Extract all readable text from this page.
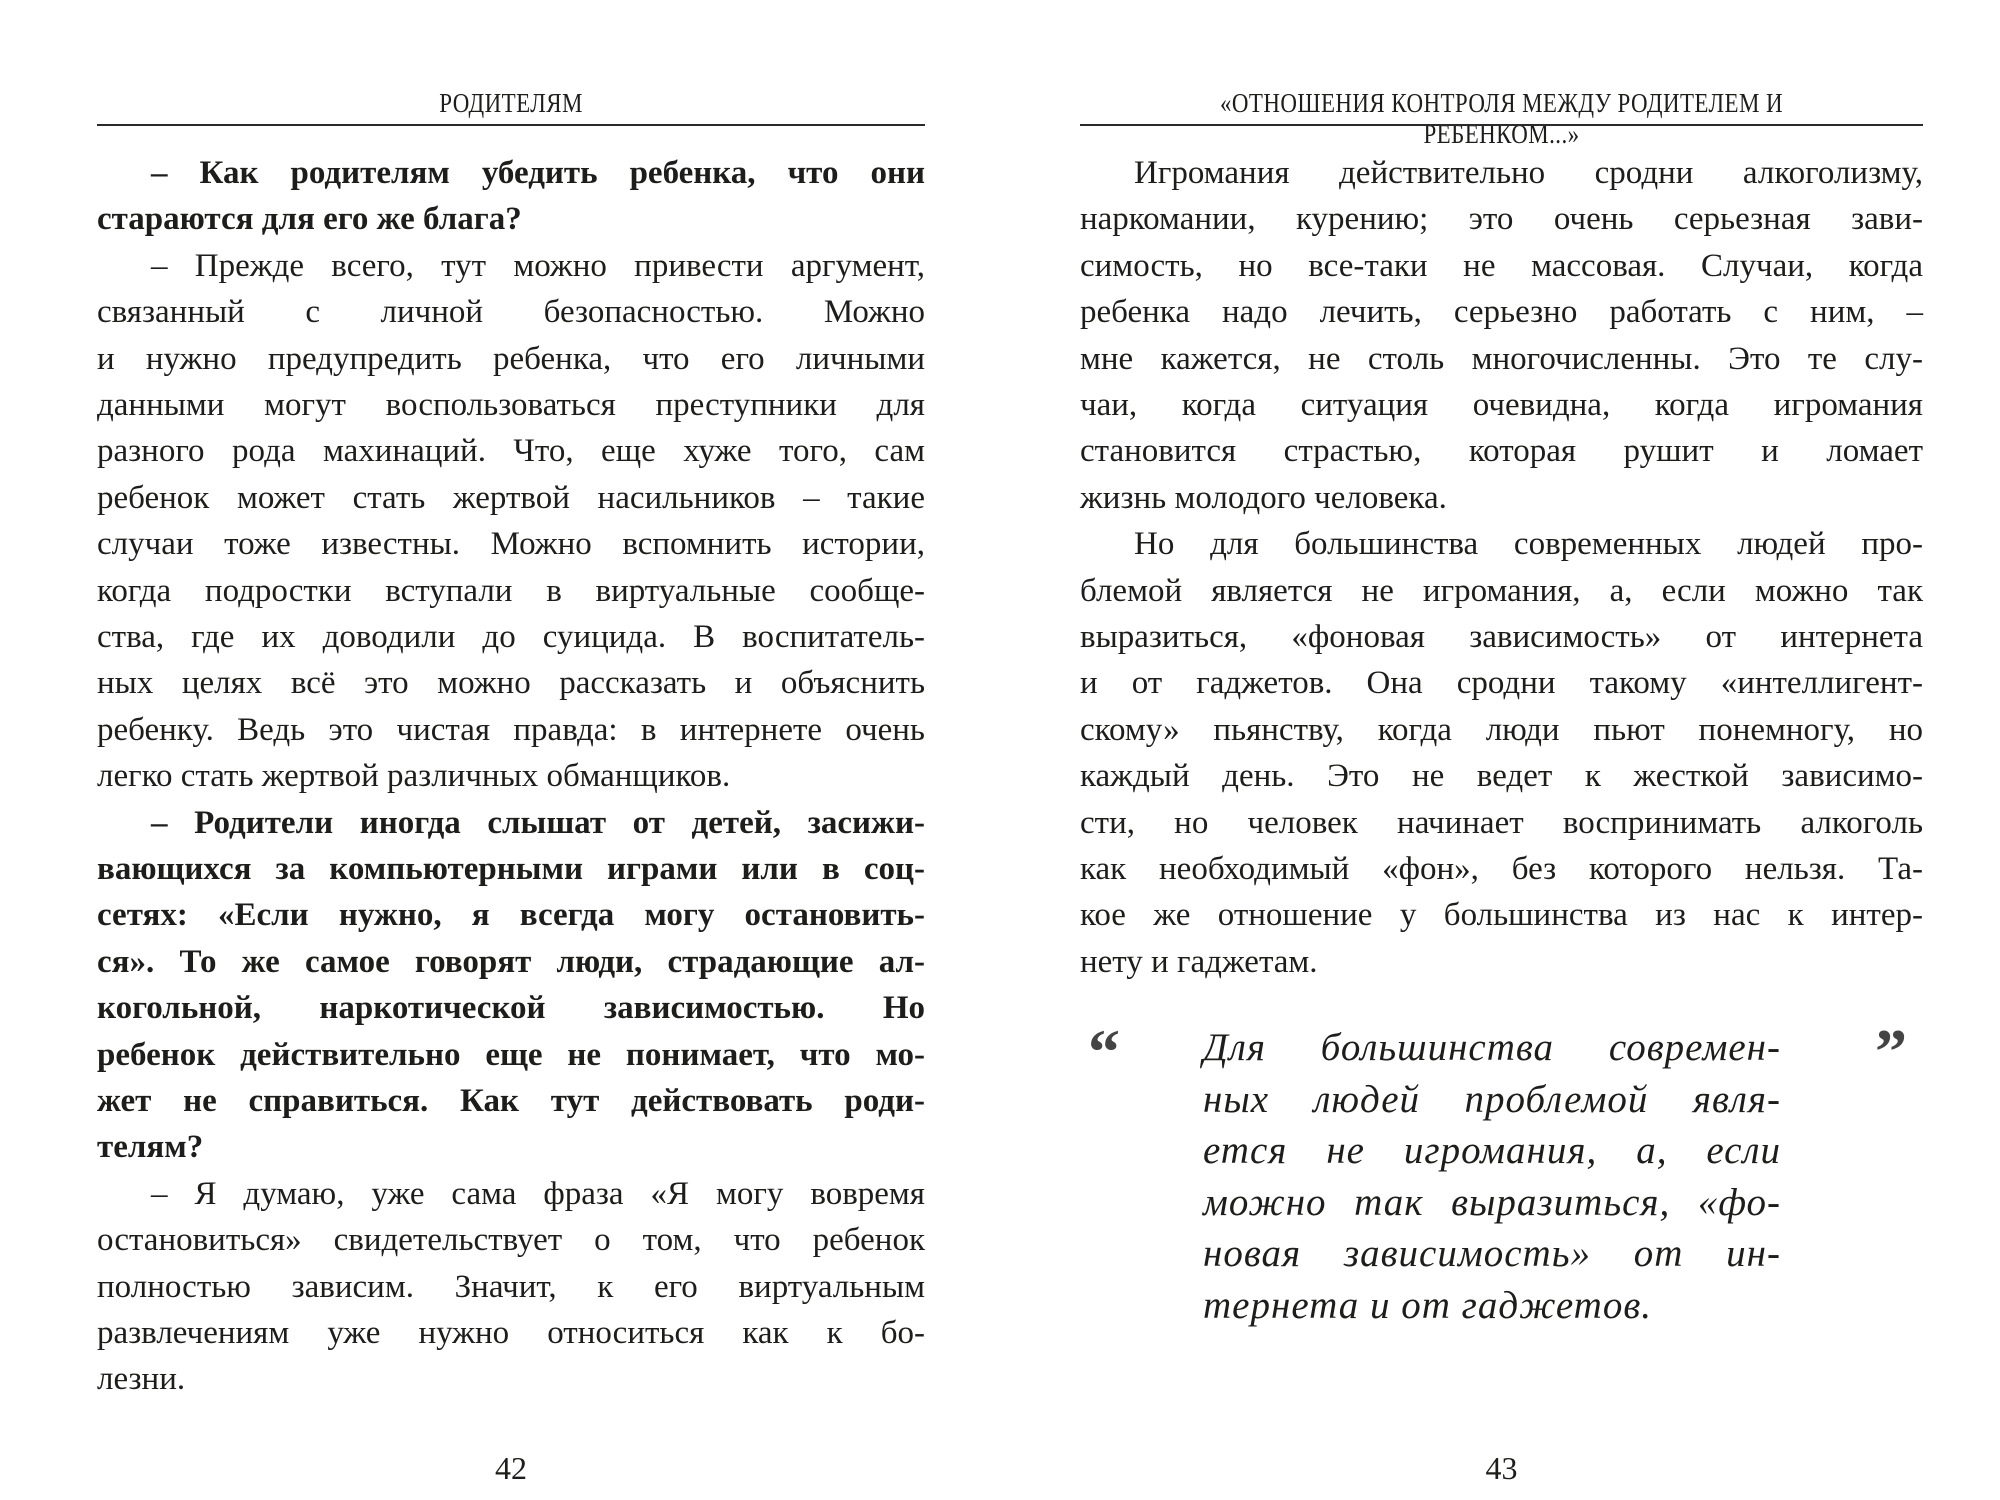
РОДИТЕЛЯМ
– Как родителям убедить ребенка, что они
стараются для его же блага?
– Прежде всего, тут можно привести аргумент,
связанный с личной безопасностью. Можно
и нужно предупредить ребенка, что его личными
данными могут воспользоваться преступники для
разного рода махинаций. Что, еще хуже того, сам
ребенок может стать жертвой насильников – такие
случаи тоже известны. Можно вспомнить истории,
когда подростки вступали в виртуальные сообще-
ства, где их доводили до суицида. В воспитатель-
ных целях всё это можно рассказать и объяснить
ребенку. Ведь это чистая правда: в интернете очень
легко стать жертвой различных обманщиков.
– Родители иногда слышат от детей, засижи-
вающихся за компьютерными играми или в соц-
сетях: «Если нужно, я всегда могу остановить-
ся». То же самое говорят люди, страдающие ал-
когольной, наркотической зависимостью. Но
ребенок действительно еще не понимает, что мо-
жет не справиться. Как тут действовать роди-
телям?
– Я думаю, уже сама фраза «Я могу вовремя
остановиться» свидетельствует о том, что ребенок
полностью зависим. Значит, к его виртуальным
развлечениям уже нужно относиться как к бо-
лезни.
42
«ОТНОШЕНИЯ КОНТРОЛЯ МЕЖДУ РОДИТЕЛЕМ И РЕБЕНКОМ...»
Игромания действительно сродни алкоголизму,
наркомании, курению; это очень серьезная зави-
симость, но все-таки не массовая. Случаи, когда
ребенка надо лечить, серьезно работать с ним, –
мне кажется, не столь многочисленны. Это те слу-
чаи, когда ситуация очевидна, когда игромания
становится страстью, которая рушит и ломает
жизнь молодого человека.
Но для большинства современных людей про-
блемой является не игромания, а, если можно так
выразиться, «фоновая зависимость» от интернета
и от гаджетов. Она сродни такому «интеллигент-
скому» пьянству, когда люди пьют понемногу, но
каждый день. Это не ведет к жесткой зависимо-
сти, но человек начинает воспринимать алкоголь
как необходимый «фон», без которого нельзя. Та-
кое же отношение у большинства из нас к интер-
нету и гаджетам.
“ Для большинства современ-
ных людей проблемой явля-
ется не игромания, а, если
можно так выразиться, «фо-
новая зависимость» от ин-
тернета и от гаджетов.
”
43
